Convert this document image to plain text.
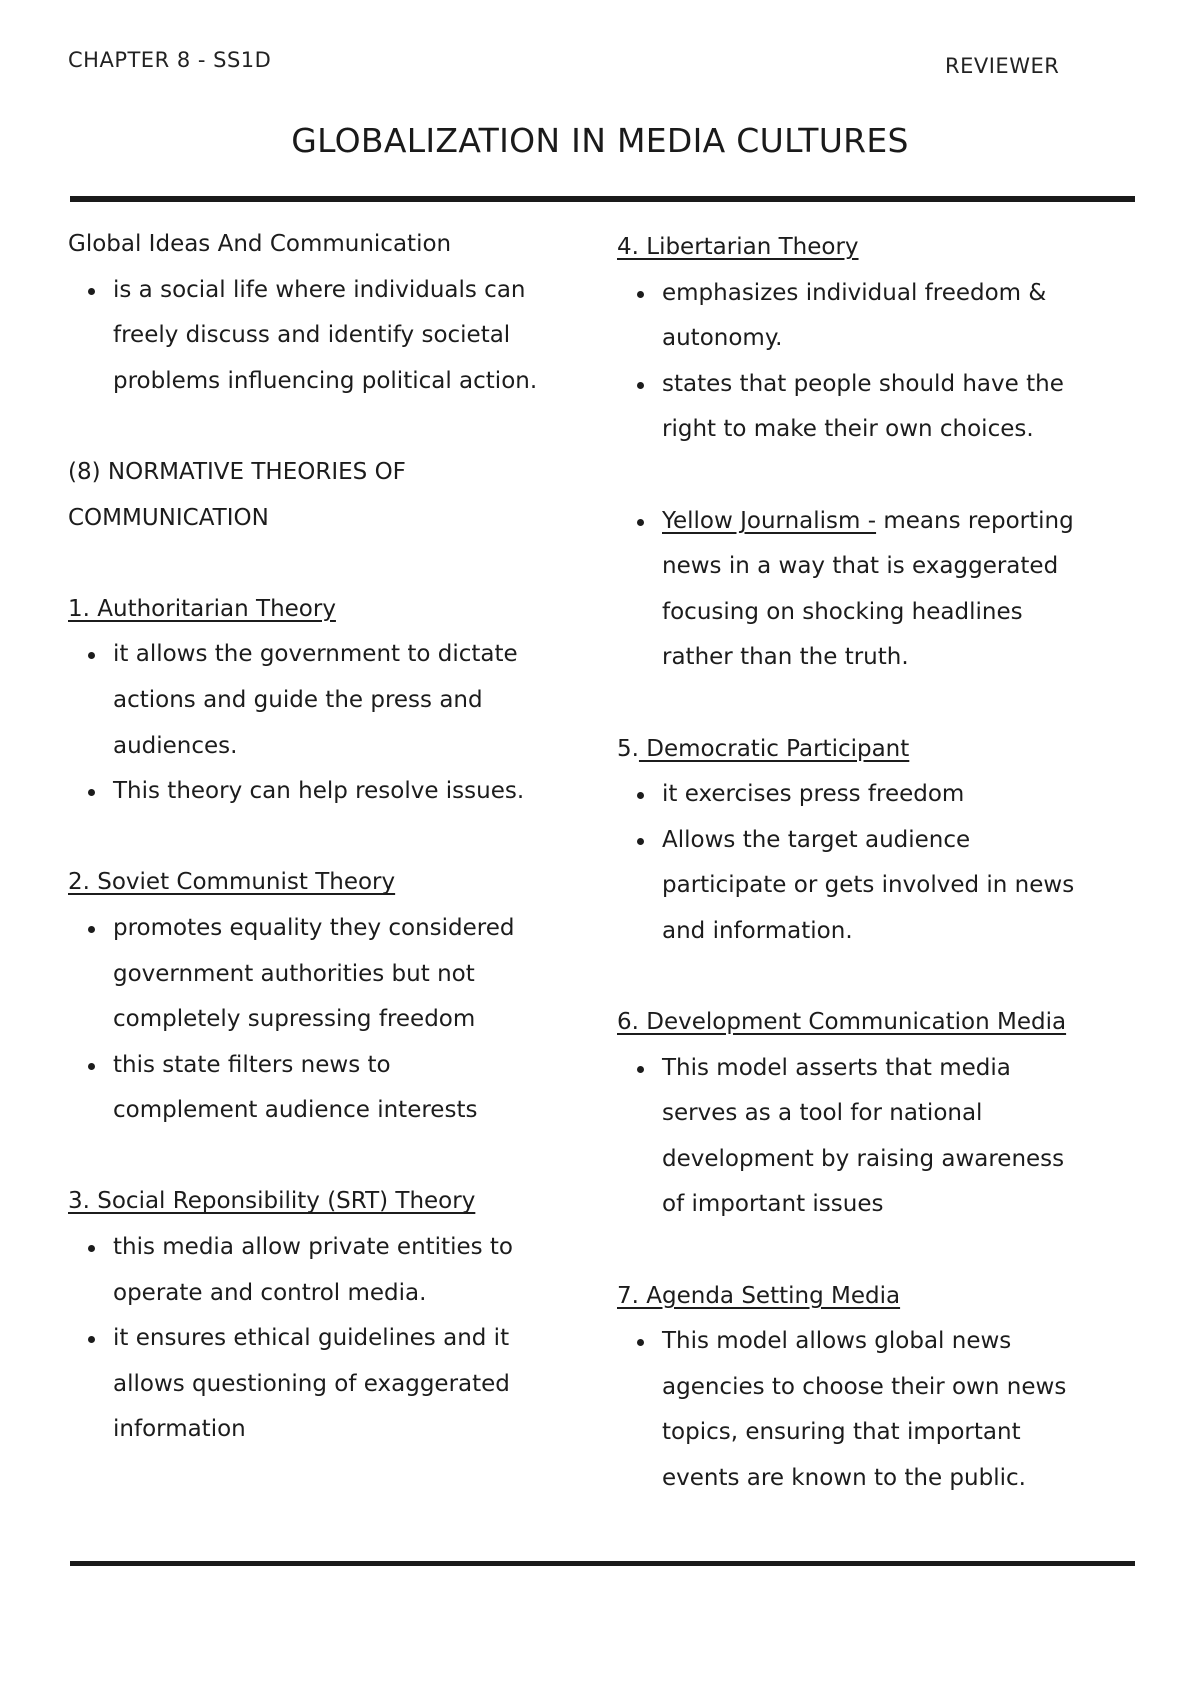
CHAPTER 8 - SS1D	REVIEWER
GLOBALIZATION IN MEDIA CULTURES
Global Ideas And Communication
is a social life where individuals can
freely discuss and identify societal
problems influencing political action.
(8) NORMATIVE THEORIES OF
COMMUNICATION
1. Authoritarian Theory
it allows the government to dictate
actions and guide the press and
audiences.
This theory can help resolve issues.
2. Soviet Communist Theory
promotes equality they considered
government authorities but not
completely supressing freedom
this state filters news to
complement audience interests
3. Social Reponsibility (SRT) Theory
this media allow private entities to
operate and control media.
it ensures ethical guidelines and it
allows questioning of exaggerated
information
4. Libertarian Theory
emphasizes individual freedom &
autonomy.
states that people should have the
right to make their own choices.
Yellow Journalism - means reporting
news in a way that is exaggerated
focusing on shocking headlines
rather than the truth.
5. Democratic Participant
it exercises press freedom
Allows the target audience
participate or gets involved in news
and information.
6. Development Communication Media
This model asserts that media
serves as a tool for national
development by raising awareness
of important issues
7. Agenda Setting Media
This model allows global news
agencies to choose their own news
topics, ensuring that important
events are known to the public.
